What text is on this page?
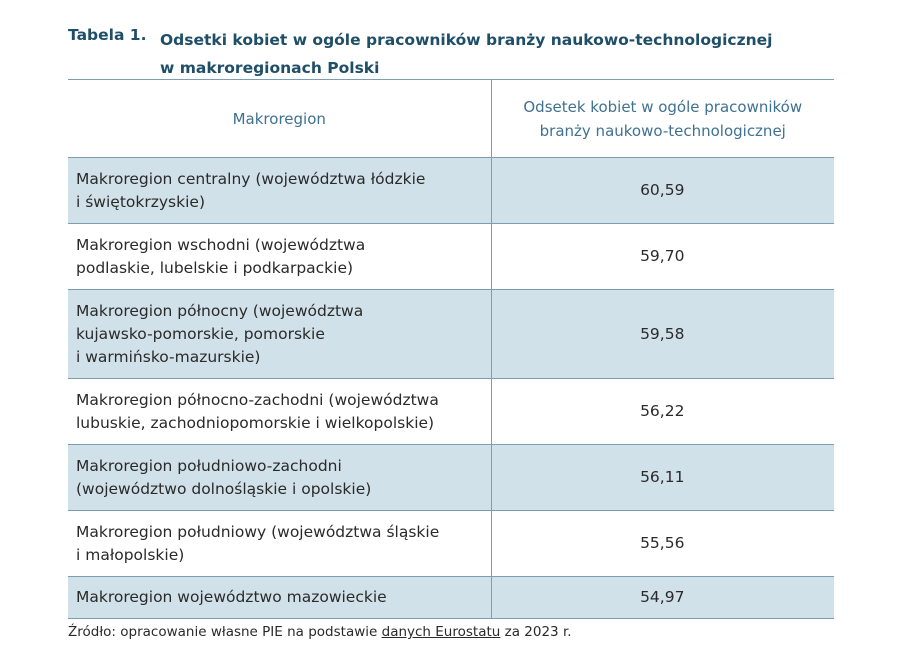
Tabela 1. Odsetki kobiet w ogóle pracowników branży naukowo-technologicznej
w makroregionach Polski
Makroregion	Odsetek kobiet w ogóle pracowników
branży naukowo-technologicznej

Makroregion centralny (województwa łódzkie
i świętokrzyskie)	60,59

Makroregion wschodni (województwa
podlaskie, lubelskie i podkarpackie)	59,70

Makroregion północny (województwa
kujawsko-pomorskie, pomorskie
i warmińsko-mazurskie)	59,58

Makroregion północno-zachodni (województwa
lubuskie, zachodniopomorskie i wielkopolskie)	56,22

Makroregion południowo-zachodni
(województwo dolnośląskie i opolskie)	56,11

Makroregion południowy (województwa śląskie
i małopolskie)	55,56

Makroregion województwo mazowieckie	54,97
Źródło: opracowanie własne PIE na podstawie danych Eurostatu za 2023 r.
